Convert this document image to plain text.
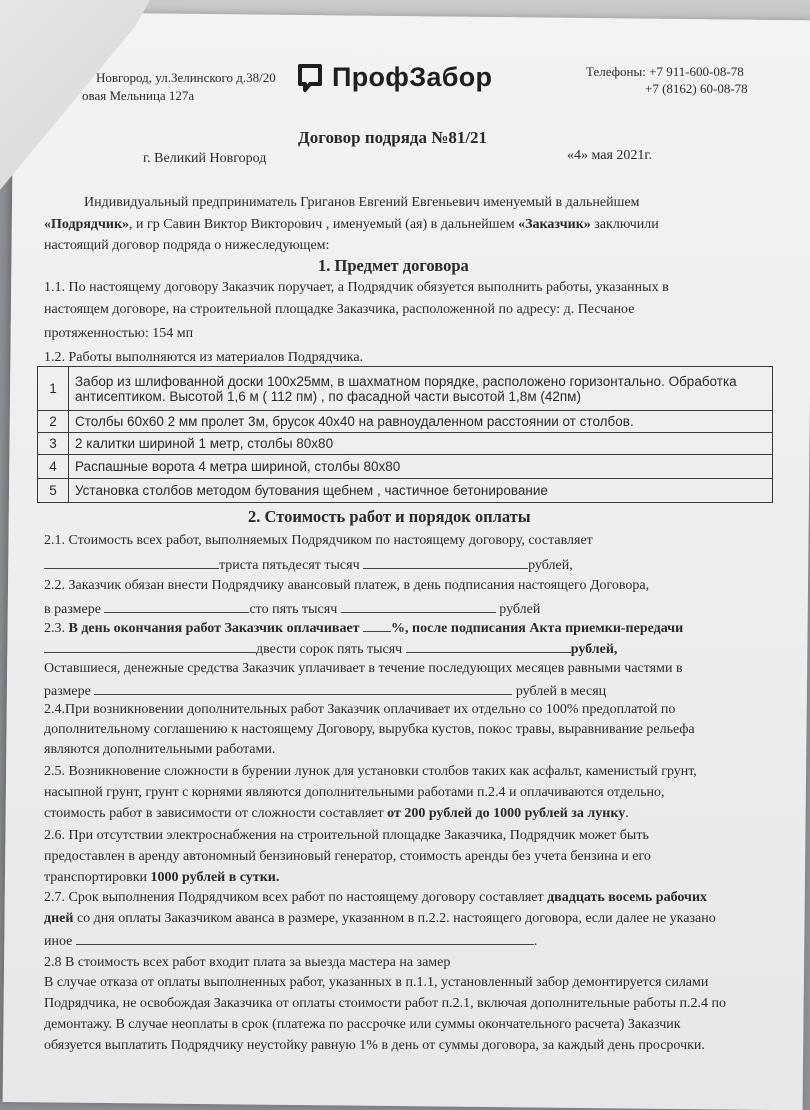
Новгород, ул.Зелинского д.38/20
овая Мельница 127а
ПрофЗабор	Телефоны: +7 911-600-08-78
+7 (8162) 60-08-78
Договор подряда №81/21
г. Великий Новгород	«4» мая 2021г.
Индивидуальный предприниматель Григанов Евгений Евгеньевич именуемый в дальнейшем
«Подрядчик», и гр Савин Виктор Викторович , именуемый (ая) в дальнейшем «Заказчик» заключили
настоящий договор подряда о нижеследующем:
1. Предмет договора
1.1. По настоящему договору Заказчик поручает, а Подрядчик обязуется выполнить работы, указанных в
настоящем договоре, на строительной площадке Заказчика, расположенной по адресу: д. Песчаное
протяженностью: 154 мп
1.2. Работы выполняются из материалов Подрядчика.
1	Забор из шлифованной доски 100х25мм, в шахматном порядке, расположено горизонтально. Обработка антисептиком. Высотой 1,6 м ( 112 пм) , по фасадной части высотой 1,8м (42пм)
2	Столбы 60х60 2 мм пролет 3м, брусок 40х40 на равноудаленном расстоянии от столбов.
3	2 калитки шириной 1 метр, столбы 80х80
4	Распашные ворота 4 метра шириной, столбы 80х80
5	Установка столбов методом бутования щебнем , частичное бетонирование
2. Стоимость работ и порядок оплаты
2.1. Стоимость всех работ, выполняемых Подрядчиком по настоящему договору, составляет
триста пятьдесят тысяч	рублей,
2.2. Заказчик обязан внести Подрядчику авансовый платеж, в день подписания настоящего Договора,
в размере	сто пять тысяч	рублей
2.3. В день окончания работ Заказчик оплачивает %, после подписания Акта приемки-передачи
двести сорок пять тысяч	рублей,
Оставшиеся, денежные средства Заказчик уплачивает в течение последующих месяцев равными частями в
размере	рублей в месяц
2.4.При возникновении дополнительных работ Заказчик оплачивает их отдельно со 100% предоплатой по
дополнительному соглашению к настоящему Договору, вырубка кустов, покос травы, выравнивание рельефа
являются дополнительными работами.
2.5. Возникновение сложности в бурении лунок для установки столбов таких как асфальт, каменистый грунт,
насыпной грунт, грунт с корнями являются дополнительными работами п.2.4 и оплачиваются отдельно,
стоимость работ в зависимости от сложности составляет от 200 рублей до 1000 рублей за лунку.
2.6. При отсутствии электроснабжения на строительной площадке Заказчика, Подрядчик может быть
предоставлен в аренду автономный бензиновый генератор, стоимость аренды без учета бензина и его
транспортировки 1000 рублей в сутки.
2.7. Срок выполнения Подрядчиком всех работ по настоящему договору составляет двадцать восемь рабочих
дней со дня оплаты Заказчиком аванса в размере, указанном в п.2.2. настоящего договора, если далее не указано
иное	.
2.8 В стоимость всех работ входит плата за выезда мастера на замер
В случае отказа от оплаты выполненных работ, указанных в п.1.1, установленный забор демонтируется силами
Подрядчика, не освобождая Заказчика от оплаты стоимости работ п.2.1, включая дополнительные работы п.2.4 по
демонтажу. В случае неоплаты в срок (платежа по рассрочке или суммы окончательного расчета) Заказчик
обязуется выплатить Подрядчику неустойку равную 1% в день от суммы договора, за каждый день просрочки.
